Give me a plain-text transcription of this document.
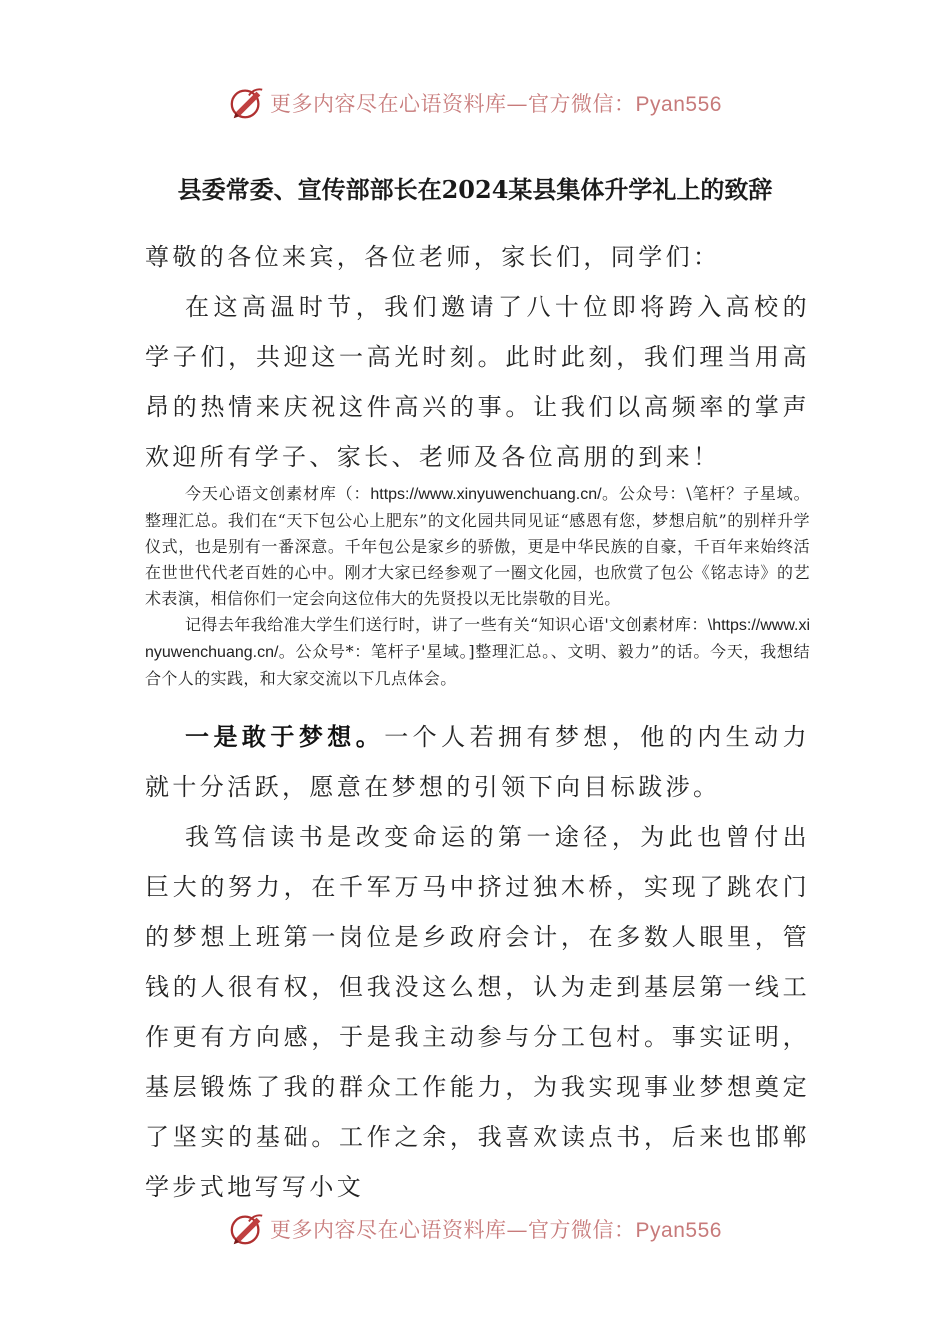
更多内容尽在心语资料库—官方微信：Pyan556
县委常委、宣传部部长在2024某县集体升学礼上的致辞

尊敬的各位来宾，各位老师，家长们，同学们：

在这高温时节，我们邀请了八十位即将跨入高校的学子们，共迎这一高光时刻。此时此刻，我们理当用高昂的热情来庆祝这件高兴的事。让我们以高频率的掌声欢迎所有学子、家长、老师及各位高朋的到来！

今天心语文创素材库（：https://www.xinyuwenchuang.cn/。公众号：\笔杆？子星域。整理汇总。我们在“天下包公心上肥东”的文化园共同见证“感恩有您，梦想启航”的别样升学仪式，也是别有一番深意。千年包公是家乡的骄傲，更是中华民族的自豪，千百年来始终活在世世代代老百姓的心中。刚才大家已经参观了一圈文化园，也欣赏了包公《铭志诗》的艺术表演，相信你们一定会向这位伟大的先贤投以无比崇敬的目光。

记得去年我给准大学生们送行时，讲了一些有关“知识心语'文创素材库：\https://www.xinyuwenchuang.cn/。公众号*：笔杆子'星域。]整理汇总。、文明、毅力”的话。今天，我想结合个人的实践，和大家交流以下几点体会。

一是敢于梦想。一个人若拥有梦想，他的内生动力就十分活跃，愿意在梦想的引领下向目标跋涉。

我笃信读书是改变命运的第一途径，为此也曾付出巨大的努力，在千军万马中挤过独木桥，实现了跳农门的梦想上班第一岗位是乡政府会计，在多数人眼里，管钱的人很有权，但我没这么想，认为走到基层第一线工作更有方向感，于是我主动参与分工包村。事实证明，基层锻炼了我的群众工作能力，为我实现事业梦想奠定了坚实的基础。工作之余，我喜欢读点书，后来也邯郸学步式地写写小文

更多内容尽在心语资料库—官方微信：Pyan556
